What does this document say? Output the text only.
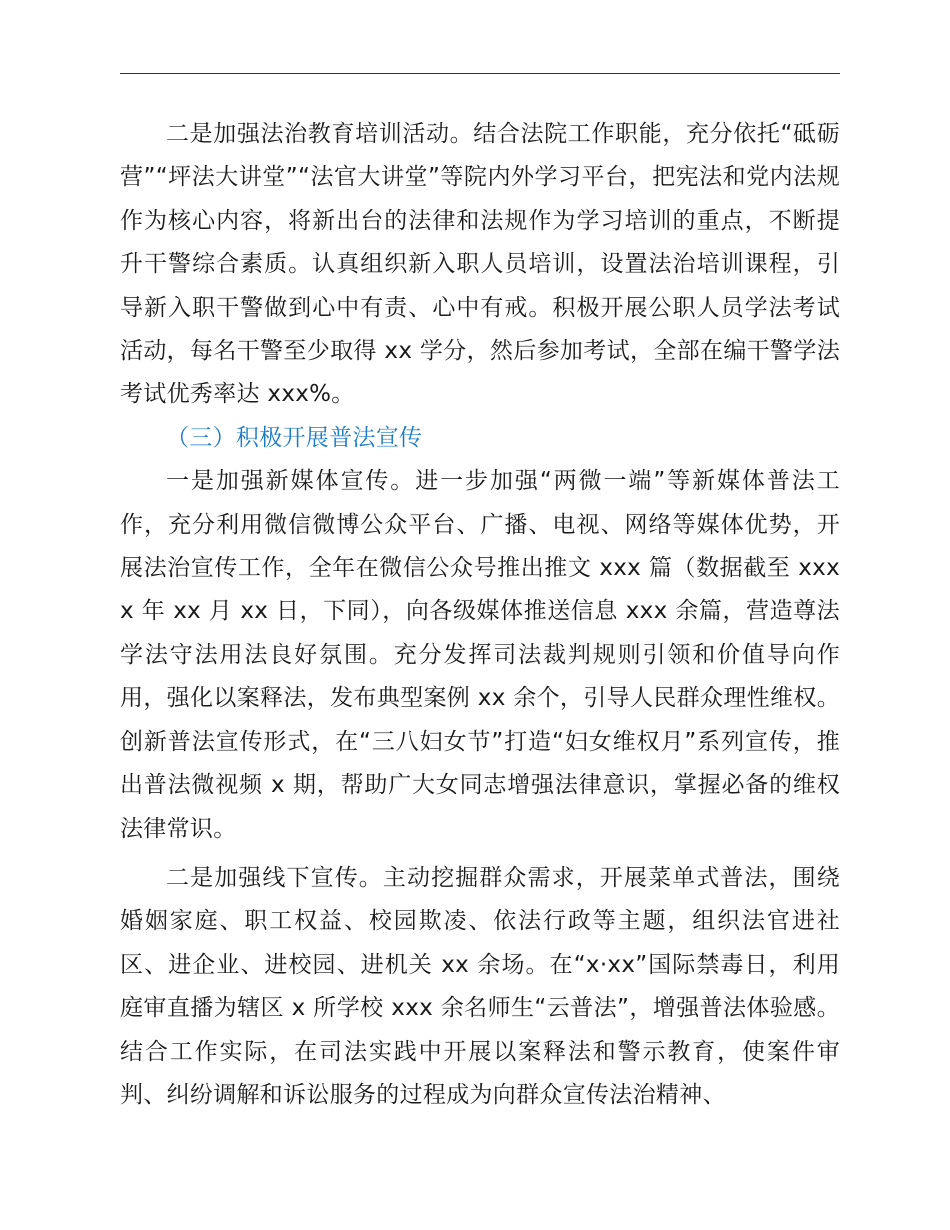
二是加强法治教育培训活动。结合法院工作职能，充分依托“砥砺营”“坪法大讲堂”“法官大讲堂”等院内外学习平台，把宪法和党内法规作为核心内容，将新出台的法律和法规作为学习培训的重点，不断提升干警综合素质。认真组织新入职人员培训，设置法治培训课程，引导新入职干警做到心中有责、心中有戒。积极开展公职人员学法考试活动，每名干警至少取得 xx 学分，然后参加考试，全部在编干警学法考试优秀率达 xxx%。

（三）积极开展普法宣传

一是加强新媒体宣传。进一步加强“两微一端”等新媒体普法工作，充分利用微信微博公众平台、广播、电视、网络等媒体优势，开展法治宣传工作，全年在微信公众号推出推文 xxx 篇（数据截至 xxxx 年 xx 月 xx 日，下同），向各级媒体推送信息 xxx 余篇，营造尊法学法守法用法良好氛围。充分发挥司法裁判规则引领和价值导向作用，强化以案释法，发布典型案例 xx 余个，引导人民群众理性维权。创新普法宣传形式，在“三八妇女节”打造“妇女维权月”系列宣传，推出普法微视频 x 期，帮助广大女同志增强法律意识，掌握必备的维权法律常识。

二是加强线下宣传。主动挖掘群众需求，开展菜单式普法，围绕婚姻家庭、职工权益、校园欺凌、依法行政等主题，组织法官进社区、进企业、进校园、进机关 xx 余场。在“x·xx”国际禁毒日，利用庭审直播为辖区 x 所学校 xxx 余名师生“云普法”，增强普法体验感。结合工作实际，在司法实践中开展以案释法和警示教育，使案件审判、纠纷调解和诉讼服务的过程成为向群众宣传法治精神、
